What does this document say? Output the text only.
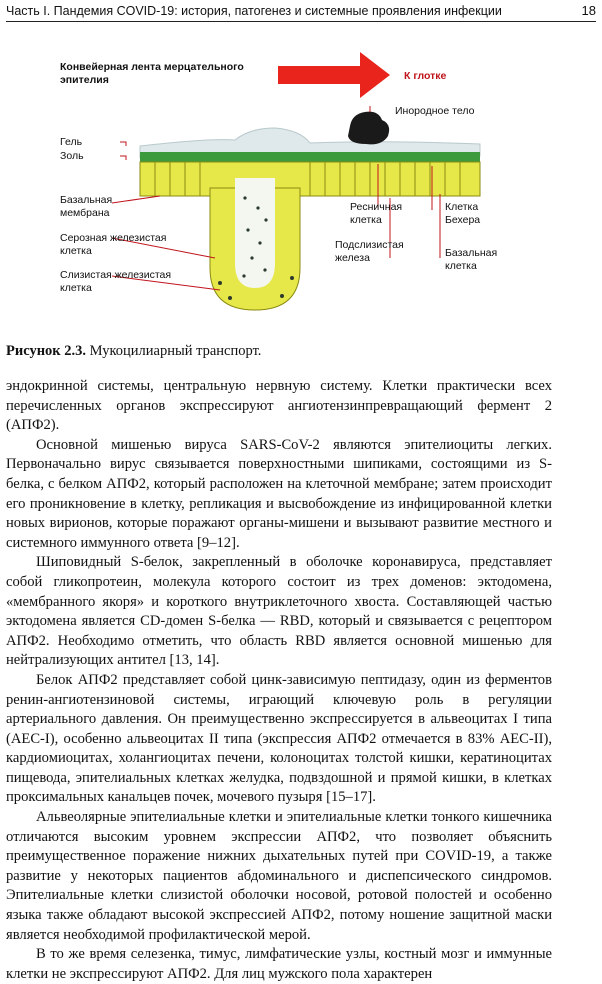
Часть I. Пандемия COVID-19: история, патогенез и системные проявления инфекции	18
Конвейерная лента мерцательного
эпителия	К глотке
Инородное тело
Гель
Золь
Базальная
мембрана
Серозная железистая
клетка
Слизистая железистая
клетка
Ресничная
клетка
Клетка
Бехера
Подслизистая
железа	Базальная
клетка
Рисунок 2.3. Мукоцилиарный транспорт.

эндокринной системы, центральную нервную систему. Клетки практически всех перечисленных органов экспрессируют ангиотензинпревращающий фермент 2 (АПФ2).

Основной мишенью вируса SARS-CoV-2 являются эпителиоциты легких. Первоначально вирус связывается поверхностными шипиками, состоящими из S-белка, с белком АПФ2, который расположен на клеточной мембране; затем происходит его проникновение в клетку, репликация и высвобождение из инфицированной клетки новых вирионов, которые поражают органы-мишени и вызывают развитие местного и системного иммунного ответа [9–12].

Шиповидный S-белок, закрепленный в оболочке коронавируса, представляет собой гликопротеин, молекула которого состоит из трех доменов: эктодомена, «мембранного якоря» и короткого внутриклеточного хвоста. Составляющей частью эктодомена является CD-домен S-белка — RBD, который и связывается с рецептором АПФ2. Необходимо отметить, что область RBD является основной мишенью для нейтрализующих антител [13, 14].

Белок АПФ2 представляет собой цинк-зависимую пептидазу, один из ферментов ренин-ангиотензиновой системы, играющий ключевую роль в регуляции артериального давления. Он преимущественно экспрессируется в альвеоцитах I типа (AEC-I), особенно альвеоцитах II типа (экспрессия АПФ2 отмечается в 83% AEC-II), кардиомиоцитах, холангиоцитах печени, колоноцитах толстой кишки, кератиноцитах пищевода, эпителиальных клетках желудка, подвздошной и прямой кишки, в клетках проксимальных канальцев почек, мочевого пузыря [15–17].

Альвеолярные эпителиальные клетки и эпителиальные клетки тонкого кишечника отличаются высоким уровнем экспрессии АПФ2, что позволяет объяснить преимущественное поражение нижних дыхательных путей при COVID-19, а также развитие у некоторых пациентов абдоминального и диспепсического синдромов. Эпителиальные клетки слизистой оболочки носовой, ротовой полостей и особенно языка также обладают высокой экспрессией АПФ2, потому ношение защитной маски является необходимой профилактической мерой.

В то же время селезенка, тимус, лимфатические узлы, костный мозг и иммунные клетки не экспрессируют АПФ2. Для лиц мужского пола характерен
